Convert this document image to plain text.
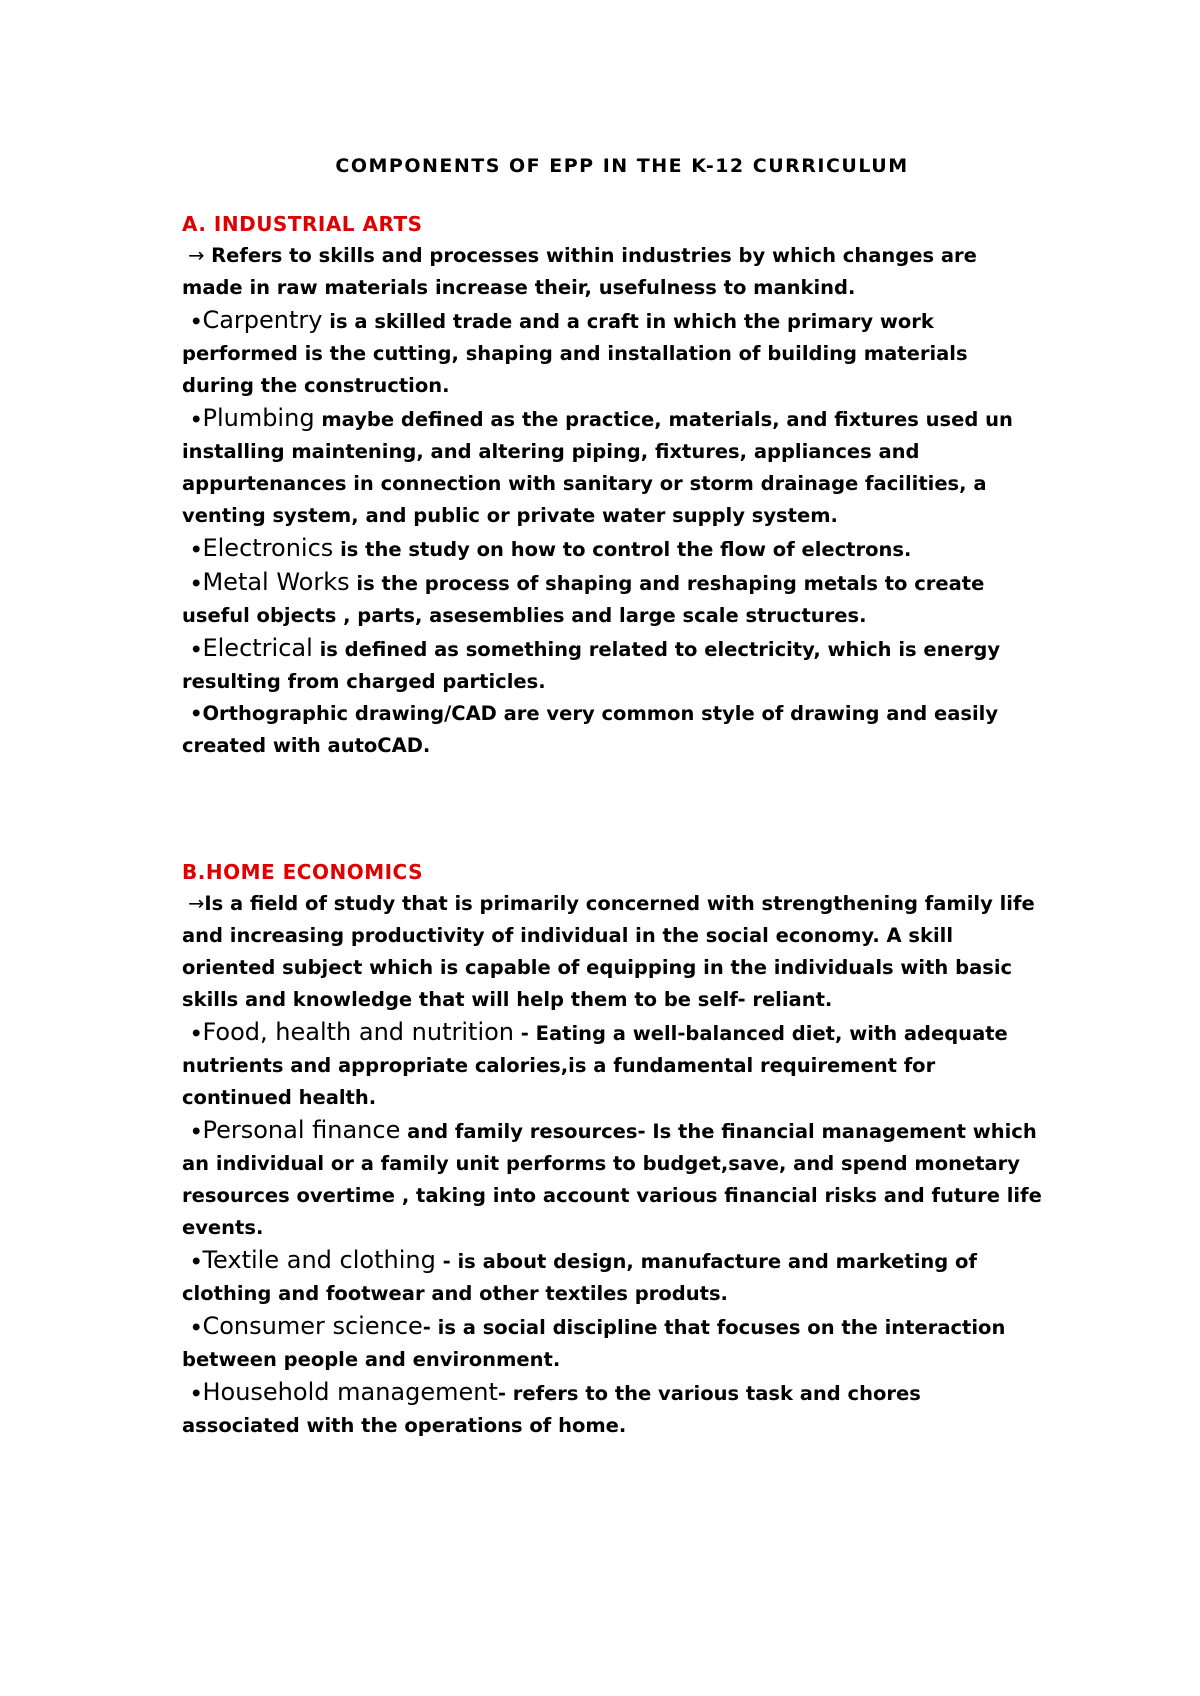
COMPONENTS OF EPP IN THE K-12 CURRICULUM

A. INDUSTRIAL ARTS

→ Refers to skills and processes within industries by which changes are made in raw materials increase their, usefulness to mankind.

•Carpentry is a skilled trade and a craft in which the primary work performed is the cutting, shaping and installation of building materials during the construction.

•Plumbing maybe defined as the practice, materials, and fixtures used un installing maintening, and altering piping, fixtures, appliances and appurtenances in connection with sanitary or storm drainage facilities, a venting system, and public or private water supply system.

•Electronics is the study on how to control the flow of electrons.

•Metal Works is the process of shaping and reshaping metals to create useful objects , parts, asesemblies and large scale structures.

•Electrical is defined as something related to electricity, which is energy resulting from charged particles.

•Orthographic drawing/CAD are very common style of drawing and easily created with autoCAD.

B.HOME ECONOMICS

→Is a field of study that is primarily concerned with strengthening family life and increasing productivity of individual in the social economy. A skill oriented subject which is capable of equipping in the individuals with basic skills and knowledge that will help them to be self- reliant.

•Food, health and nutrition - Eating a well-balanced diet, with adequate nutrients and appropriate calories,is a fundamental requirement for continued health.

•Personal finance and family resources- Is the financial management which an individual or a family unit performs to budget,save, and spend monetary resources overtime , taking into account various financial risks and future life events.

•Textile and clothing - is about design, manufacture and marketing of clothing and footwear and other textiles produts.

•Consumer science- is a social discipline that focuses on the interaction between people and environment.

•Household management- refers to the various task and chores associated with the operations of home.
